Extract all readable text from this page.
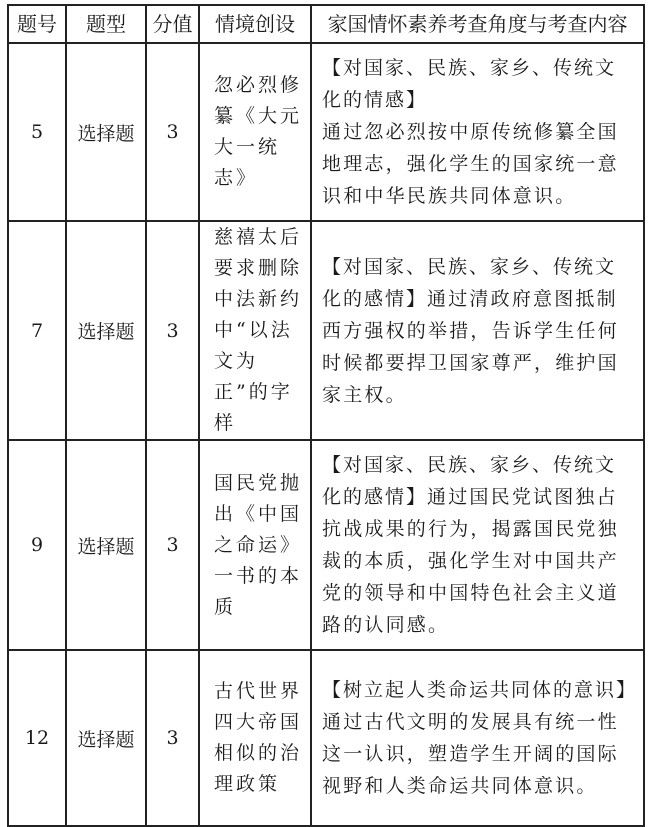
题号	题型	分值	情境创设	家国情怀素养考查角度与考查内容
5	选择题	3	忽必烈修纂《大元大一统志》	【对国家、民族、家乡、传统文化的情感】
通过忽必烈按中原传统修纂全国地理志，强化学生的国家统一意识和中华民族共同体意识。
7	选择题	3	慈禧太后要求删除中法新约中“以法文为正”的字样	【对国家、民族、家乡、传统文化的感情】通过清政府意图抵制西方强权的举措，告诉学生任何时候都要捍卫国家尊严，维护国家主权。
9	选择题	3	国民党抛出《中国之命运》一书的本质	【对国家、民族、家乡、传统文化的感情】通过国民党试图独占抗战成果的行为，揭露国民党独裁的本质，强化学生对中国共产党的领导和中国特色社会主义道路的认同感。
12	选择题	3	古代世界四大帝国相似的治理政策	【树立起人类命运共同体的意识】通过古代文明的发展具有统一性这一认识，塑造学生开阔的国际视野和人类命运共同体意识。
